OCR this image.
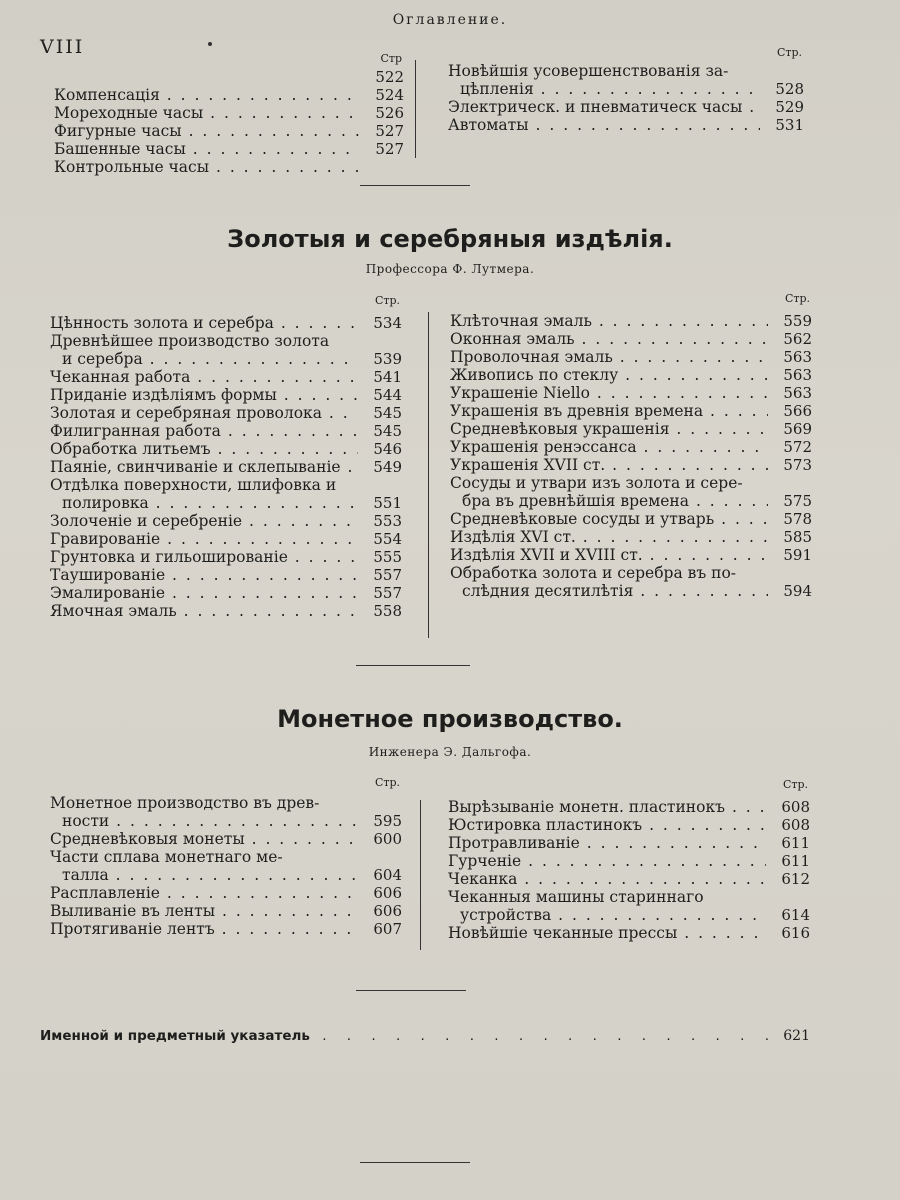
Оглавление.
VIII
Стр
522
Компенсація . . .	524
Мореходные часы . . .	526
Фигурные часы . . .	527
Башенные часы . . .	527
Контрольные часы . . .
Стр.
Новѣйшія усовершенствованія за-
цѣпленія . . .	528
Электрическ. и пневматическ часы . . .	529
Автоматы . . .	531
Золотыя и серебряныя издѣлія.
Профессора Ф. Лутмера.
Стр.
Цѣнность золота и серебра . . .	534
Древнѣйшее производство золота
и серебра . . .	539
Чеканная работа . . .	541
Приданіе издѣліямъ формы . . .	544
Золотая и серебряная проволока . . .	545
Филигранная работа . . .	545
Обработка литьемъ . . .	546
Паяніе, свинчиваніе и склепываніе . . .	549
Отдѣлка поверхности, шлифовка и
полировка . . .	551
Золоченіе и серебреніе . . .	553
Гравированіе . . .	554
Грунтовка и гильошированіе . . .	555
Таушированіе . . .	557
Эмалированіе . . .	557
Ямочная эмаль . . .	558
Стр.
Клѣточная эмаль . . .	559
Оконная эмаль . . .	562
Проволочная эмаль . . .	563
Живопись по стеклу . . .	563
Украшеніе Niello . . .	563
Украшенія въ древнія времена . . .	566
Средневѣковыя украшенія . . .	569
Украшенія ренэссанса . . .	572
Украшенія XVII ст. . . .	573
Сосуды и утвари изъ золота и сере-
бра въ древнѣйшія времена . . .	575
Средневѣковые сосуды и утварь . . .	578
Издѣлія XVI ст. . . .	585
Издѣлія XVII и XVIII ст. . . .	591
Обработка золота и серебра въ по-
слѣдния десятилѣтія . . .	594
Монетное производство.
Инженера Э. Дальгофа.
Стр.
Монетное производство въ древ-
ности . . .	595
Средневѣковыя монеты . . .	600
Части сплава монетнаго ме-
талла . . .	604
Расплавленіе . . .	606
Выливаніе въ ленты . . .	606
Протягиваніе лентъ . . .	607
Стр.
Вырѣзываніе монетн. пластинокъ . . .	608
Юстировка пластинокъ . . .	608
Протравливаніе . . .	611
Гурченіе . . .	611
Чеканка . . .	612
Чеканныя машины стариннаго
устройства . . .	614
Новѣйшіе чеканные прессы . . .	616
Именной и предметный указатель . . .	621
